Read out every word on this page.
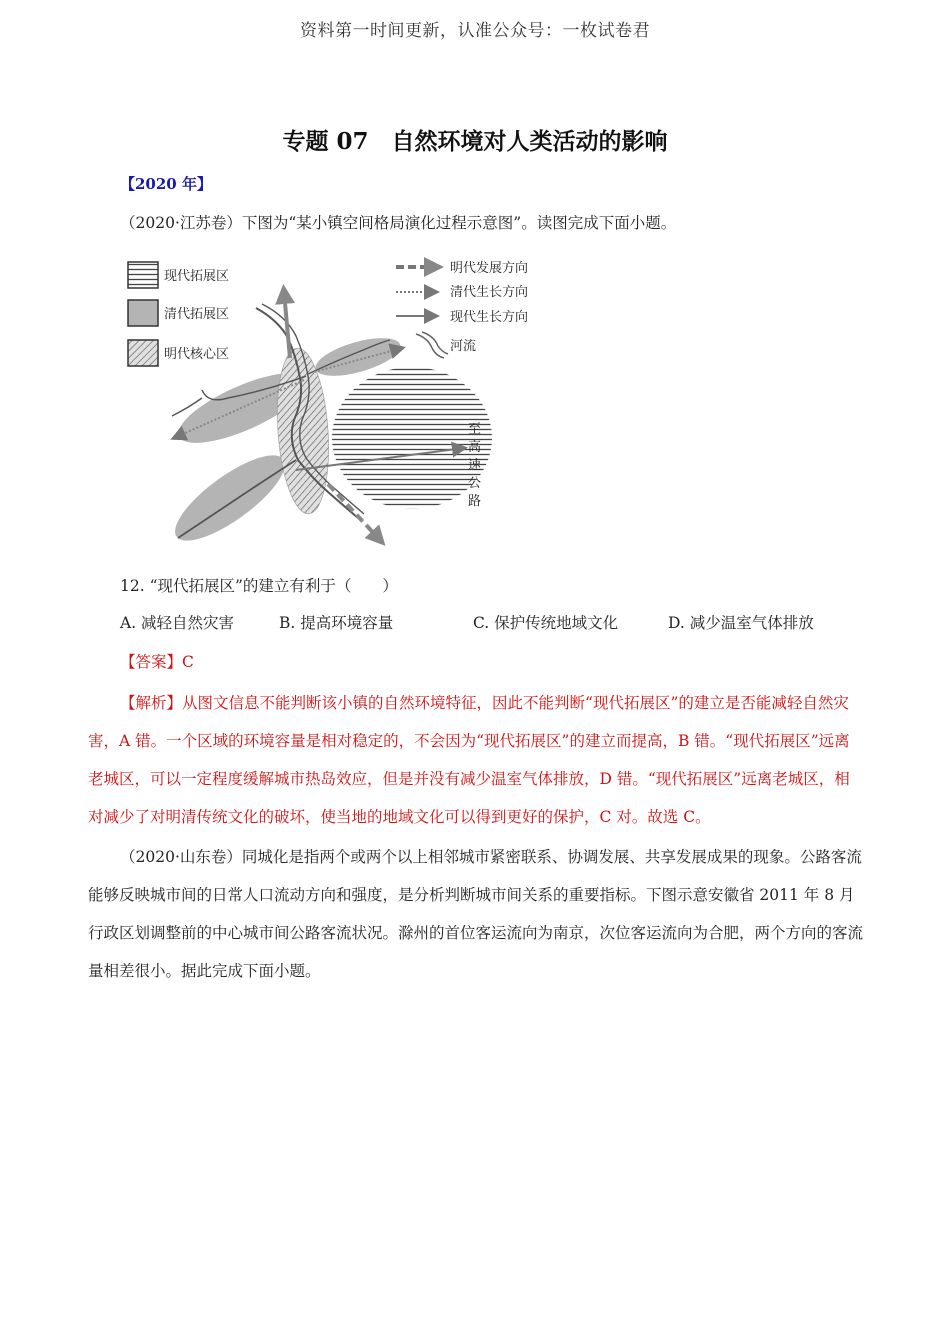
资料第一时间更新，认准公众号：一枚试卷君
专题 07　自然环境对人类活动的影响
【2020 年】
（2020·江苏卷）下图为“某小镇空间格局演化过程示意图”。读图完成下面小题。
现代拓展区
清代拓展区
明代核心区
明代发展方向
清代生长方向
现代生长方向
河流
至
高
速
公
路
12. “现代拓展区”的建立有利于（　　）
A. 减轻自然灾害	B. 提高环境容量	C. 保护传统地域文化	D. 减少温室气体排放
【答案】C
【解析】从图文信息不能判断该小镇的自然环境特征，因此不能判断“现代拓展区”的建立是否能减轻自然灾害，A 错。一个区域的环境容量是相对稳定的，不会因为“现代拓展区”的建立而提高，B 错。“现代拓展区”远离老城区，可以一定程度缓解城市热岛效应，但是并没有减少温室气体排放，D 错。“现代拓展区”远离老城区，相对减少了对明清传统文化的破坏，使当地的地域文化可以得到更好的保护，C 对。故选 C。
（2020·山东卷）同城化是指两个或两个以上相邻城市紧密联系、协调发展、共享发展成果的现象。公路客流能够反映城市间的日常人口流动方向和强度，是分析判断城市间关系的重要指标。下图示意安徽省 2011 年 8 月行政区划调整前的中心城市间公路客流状况。滁州的首位客运流向为南京，次位客运流向为合肥，两个方向的客流量相差很小。据此完成下面小题。
